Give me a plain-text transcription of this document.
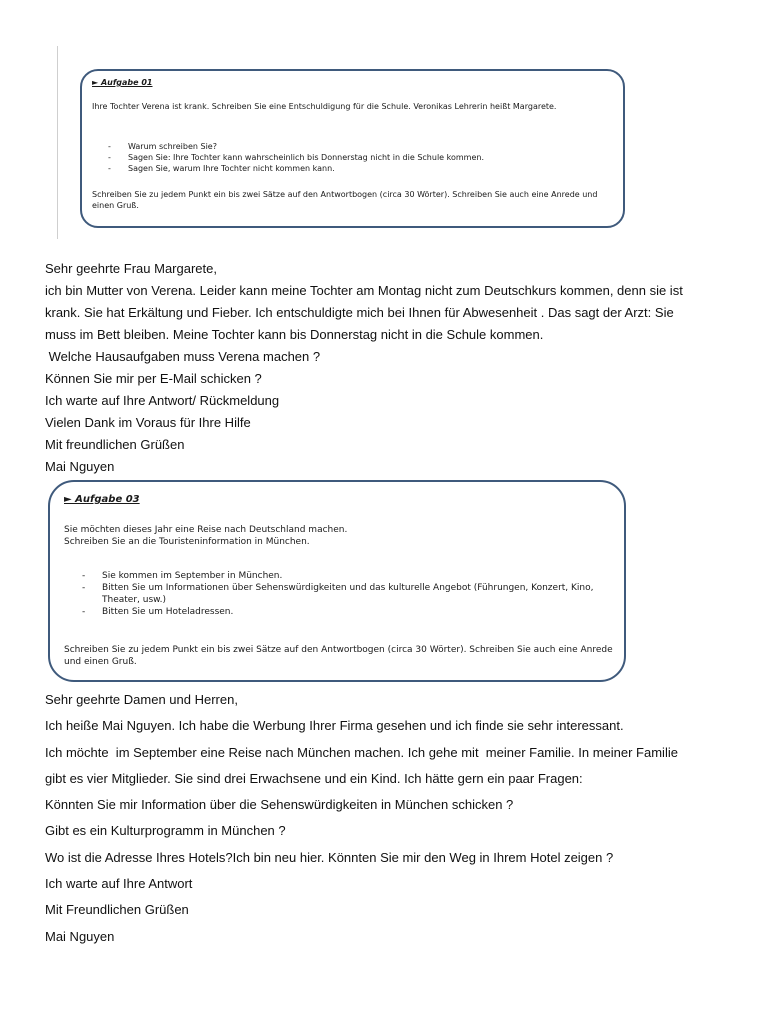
► Aufgabe 01
Ihre Tochter Verena ist krank. Schreiben Sie eine Entschuldigung für die Schule. Veronikas Lehrerin heißt Margarete.
- Warum schreiben Sie?
- Sagen Sie: Ihre Tochter kann wahrscheinlich bis Donnerstag nicht in die Schule kommen.
- Sagen Sie, warum Ihre Tochter nicht kommen kann.
Schreiben Sie zu jedem Punkt ein bis zwei Sätze auf den Antwortbogen (circa 30 Wörter). Schreiben Sie auch eine Anrede und einen Gruß.
Sehr geehrte Frau Margarete,
ich bin Mutter von Verena. Leider kann meine Tochter am Montag nicht zum Deutschkurs kommen, denn sie ist
krank. Sie hat Erkältung und Fieber. Ich entschuldigte mich bei Ihnen für Abwesenheit . Das sagt der Arzt: Sie
muss im Bett bleiben. Meine Tochter kann bis Donnerstag nicht in die Schule kommen.
Welche Hausaufgaben muss Verena machen ?
Können Sie mir per E-Mail schicken ?
Ich warte auf Ihre Antwort/ Rückmeldung
Vielen Dank im Voraus für Ihre Hilfe
Mit freundlichen Grüßen
Mai Nguyen
► Aufgabe 03
Sie möchten dieses Jahr eine Reise nach Deutschland machen.
Schreiben Sie an die Touristeninformation in München.
- Sie kommen im September in München.
- Bitten Sie um Informationen über Sehenswürdigkeiten und das kulturelle Angebot (Führungen, Konzert, Kino, Theater, usw.)
- Bitten Sie um Hoteladressen.
Schreiben Sie zu jedem Punkt ein bis zwei Sätze auf den Antwortbogen (circa 30 Wörter). Schreiben Sie auch eine Anrede und einen Gruß.
Sehr geehrte Damen und Herren,
Ich heiße Mai Nguyen. Ich habe die Werbung Ihrer Firma gesehen und ich finde sie sehr interessant.
Ich möchte  im September eine Reise nach München machen. Ich gehe mit  meiner Familie. In meiner Familie
gibt es vier Mitglieder. Sie sind drei Erwachsene und ein Kind. Ich hätte gern ein paar Fragen:
Könnten Sie mir Information über die Sehenswürdigkeiten in München schicken ?
Gibt es ein Kulturprogramm in München ?
Wo ist die Adresse Ihres Hotels?Ich bin neu hier. Könnten Sie mir den Weg in Ihrem Hotel zeigen ?
Ich warte auf Ihre Antwort
Mit Freundlichen Grüßen
Mai Nguyen
